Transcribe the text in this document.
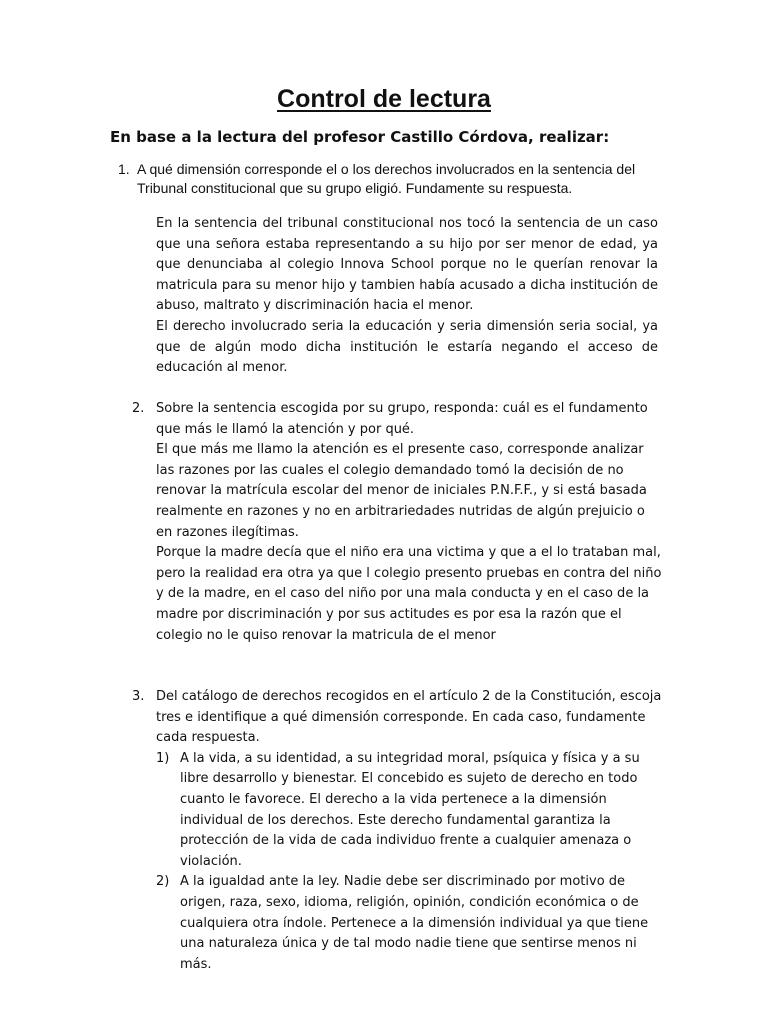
Control de lectura
En base a la lectura del profesor Castillo Córdova, realizar:
1. A qué dimensión corresponde el o los derechos involucrados en la sentencia del Tribunal constitucional que su grupo eligió. Fundamente su respuesta.

En la sentencia del tribunal constitucional nos tocó la sentencia de un caso que una señora estaba representando a su hijo por ser menor de edad, ya que denunciaba al colegio Innova School porque no le querían renovar la matricula para su menor hijo y tambien había acusado a dicha institución de abuso, maltrato y discriminación hacia el menor.

El derecho involucrado seria la educación y seria dimensión seria social, ya que de algún modo dicha institución le estaría negando el acceso de educación al menor.

2. Sobre la sentencia escogida por su grupo, responda: cuál es el fundamento que más le llamó la atención y por qué.

El que más me llamo la atención es el presente caso, corresponde analizar las razones por las cuales el colegio demandado tomó la decisión de no renovar la matrícula escolar del menor de iniciales P.N.F.F., y si está basada realmente en razones y no en arbitrariedades nutridas de algún prejuicio o en razones ilegítimas.

Porque la madre decía que el niño era una victima y que a el lo trataban mal, pero la realidad era otra ya que l colegio presento pruebas en contra del niño y de la madre, en el caso del niño por una mala conducta y en el caso de la madre por discriminación y por sus actitudes es por esa la razón que el colegio no le quiso renovar la matricula de el menor

3. Del catálogo de derechos recogidos en el artículo 2 de la Constitución, escoja tres e identifique a qué dimensión corresponde. En cada caso, fundamente cada respuesta.

1) A la vida, a su identidad, a su integridad moral, psíquica y física y a su libre desarrollo y bienestar. El concebido es sujeto de derecho en todo cuanto le favorece. El derecho a la vida pertenece a la dimensión individual de los derechos. Este derecho fundamental garantiza la protección de la vida de cada individuo frente a cualquier amenaza o violación.

2) A la igualdad ante la ley. Nadie debe ser discriminado por motivo de origen, raza, sexo, idioma, religión, opinión, condición económica o de cualquiera otra índole. Pertenece a la dimensión individual ya que tiene una naturaleza única y de tal modo nadie tiene que sentirse menos ni más.
